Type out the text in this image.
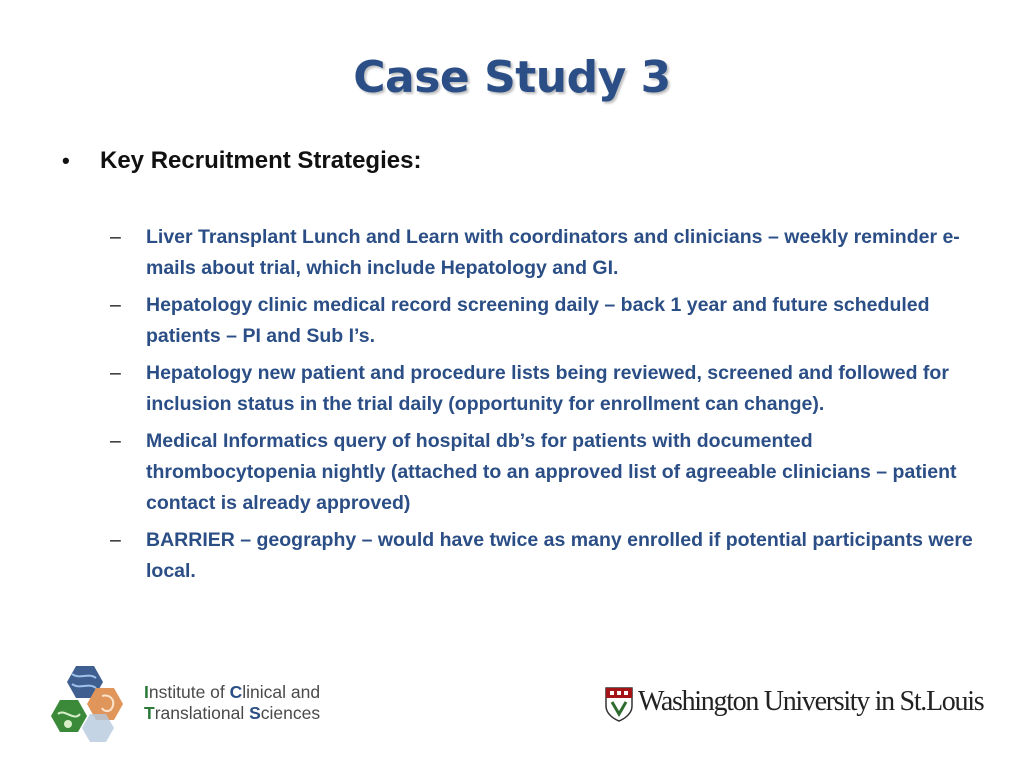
Case Study 3
•	Key Recruitment Strategies:
–	Liver Transplant Lunch and Learn with coordinators and clinicians – weekly reminder e-mails about trial, which include Hepatology and GI.
–	Hepatology clinic medical record screening daily – back 1 year and future scheduled patients – PI and Sub I’s.
–	Hepatology new patient and procedure lists being reviewed, screened and followed for inclusion status in the trial daily (opportunity for enrollment can change).
–	Medical Informatics query of hospital db’s for patients with documented thrombocytopenia nightly (attached to an approved list of agreeable clinicians – patient contact is already approved)
–	BARRIER – geography – would have twice as many enrolled if potential participants were local.
Institute of Clinical and
Translational Sciences	Washington University in St.Louis
